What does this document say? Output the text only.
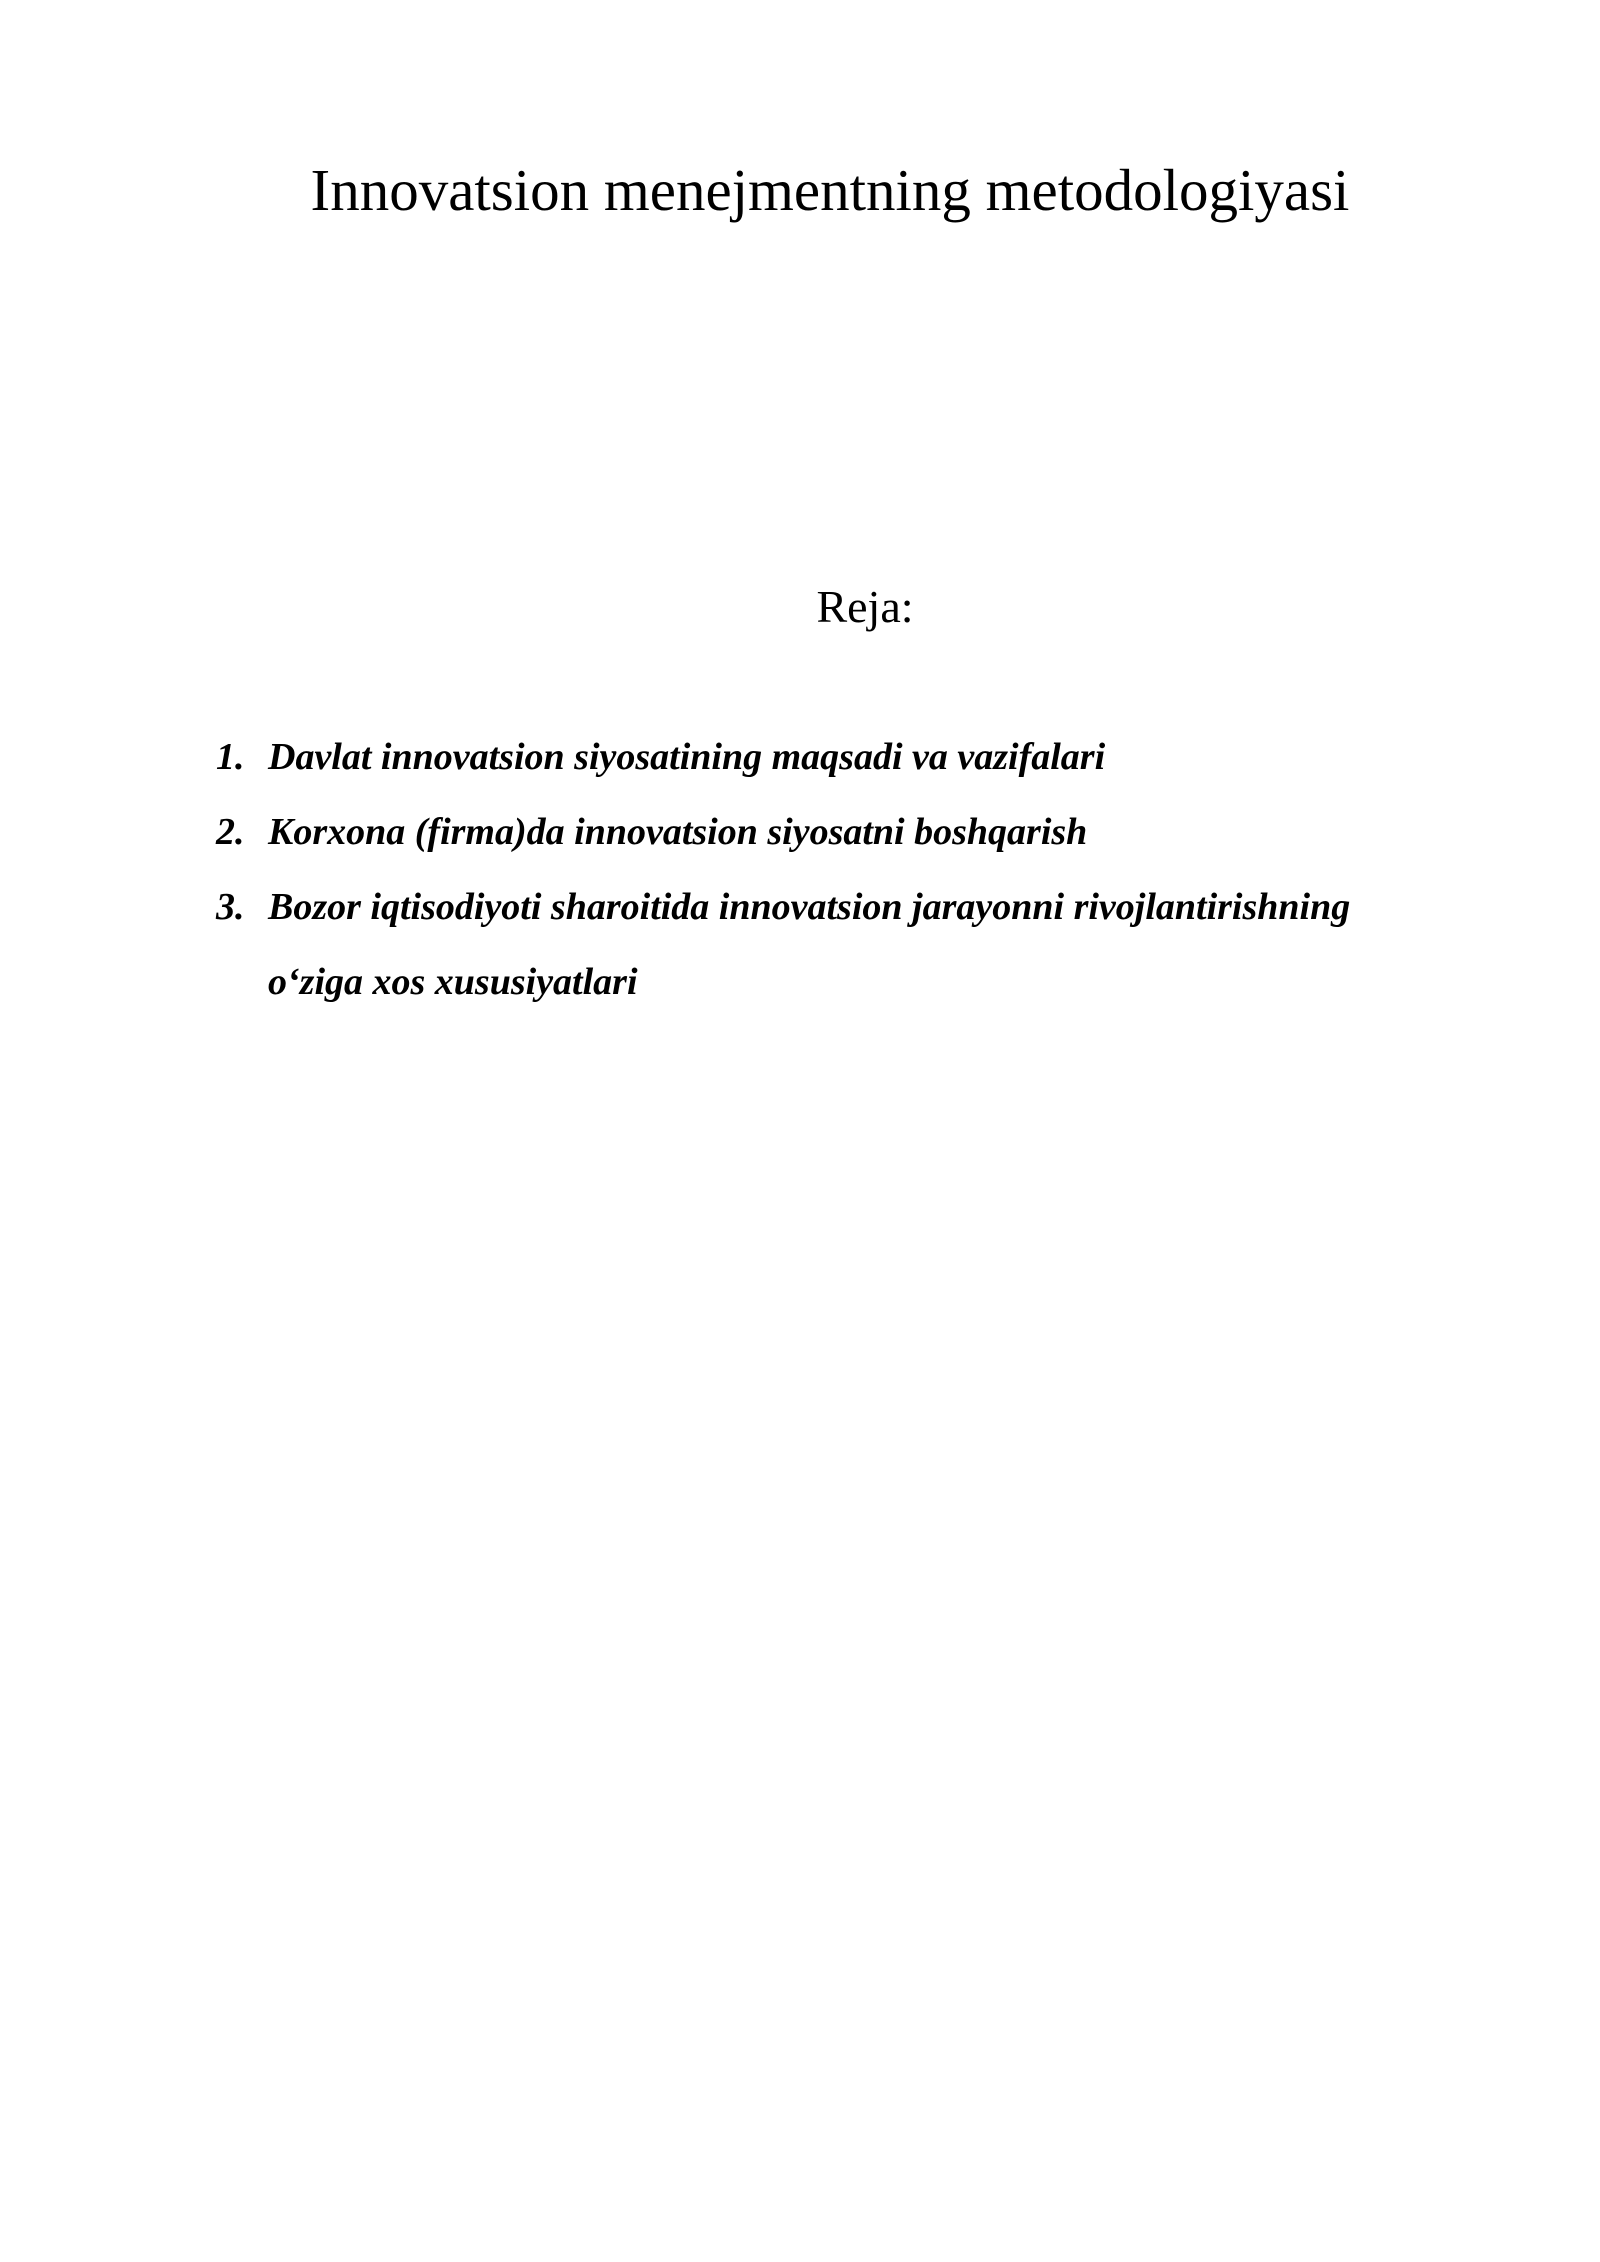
Innovatsion menejmentning metodologiyasi

Reja:

1. Davlat innovatsion siyosatining maqsadi va vazifalari
2. Korxona (firma)da innovatsion siyosatni boshqarish
3. Bozor iqtisodiyoti sharoitida innovatsion jarayonni rivojlantirishning o‘ziga xos xususiyatlari
